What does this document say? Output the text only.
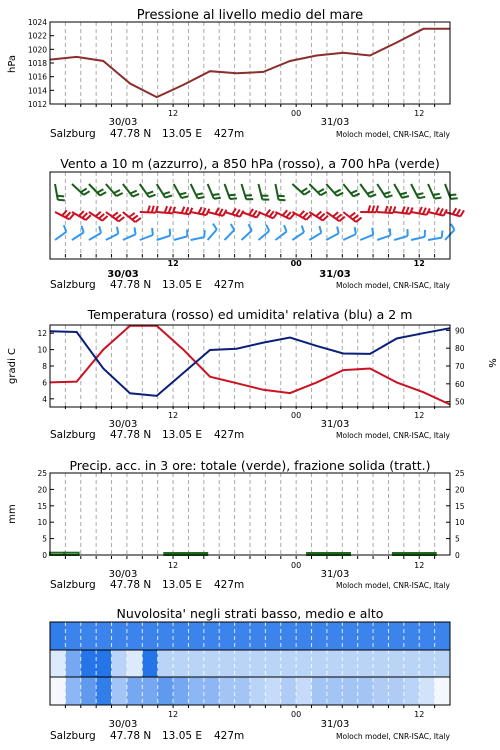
Pressione al livello medio del mare
hPa
1012
1014
1016
1018
1020
1022
1024
12	00	12
30/03	31/03
Salzburg 47.78 N 13.05 E 427m	Moloch model, CNR-ISAC, Italy
Vento a 10 m (azzurro), a 850 hPa (rosso), a 700 hPa (verde)
12	00	12
30/03	31/03
Salzburg 47.78 N 13.05 E 427m	Moloch model, CNR-ISAC, Italy
Temperatura (rosso) ed umidita' relativa (blu) a 2 m
gradi C	%
4
6
8
10
12
50
60
70
80
90
12	00	12
30/03	31/03
Salzburg 47.78 N 13.05 E 427m	Moloch model, CNR-ISAC, Italy
Precip. acc. in 3 ore: totale (verde), frazione solida (tratt.)
mm
0
5
10
15
20
25
0
5
10
15
20
25
12	00	12
30/03	31/03
Salzburg 47.78 N 13.05 E 427m	Moloch model, CNR-ISAC, Italy
Nuvolosita' negli strati basso, medio e alto
12	00	12
30/03	31/03
Salzburg 47.78 N 13.05 E 427m	Moloch model, CNR-ISAC, Italy
